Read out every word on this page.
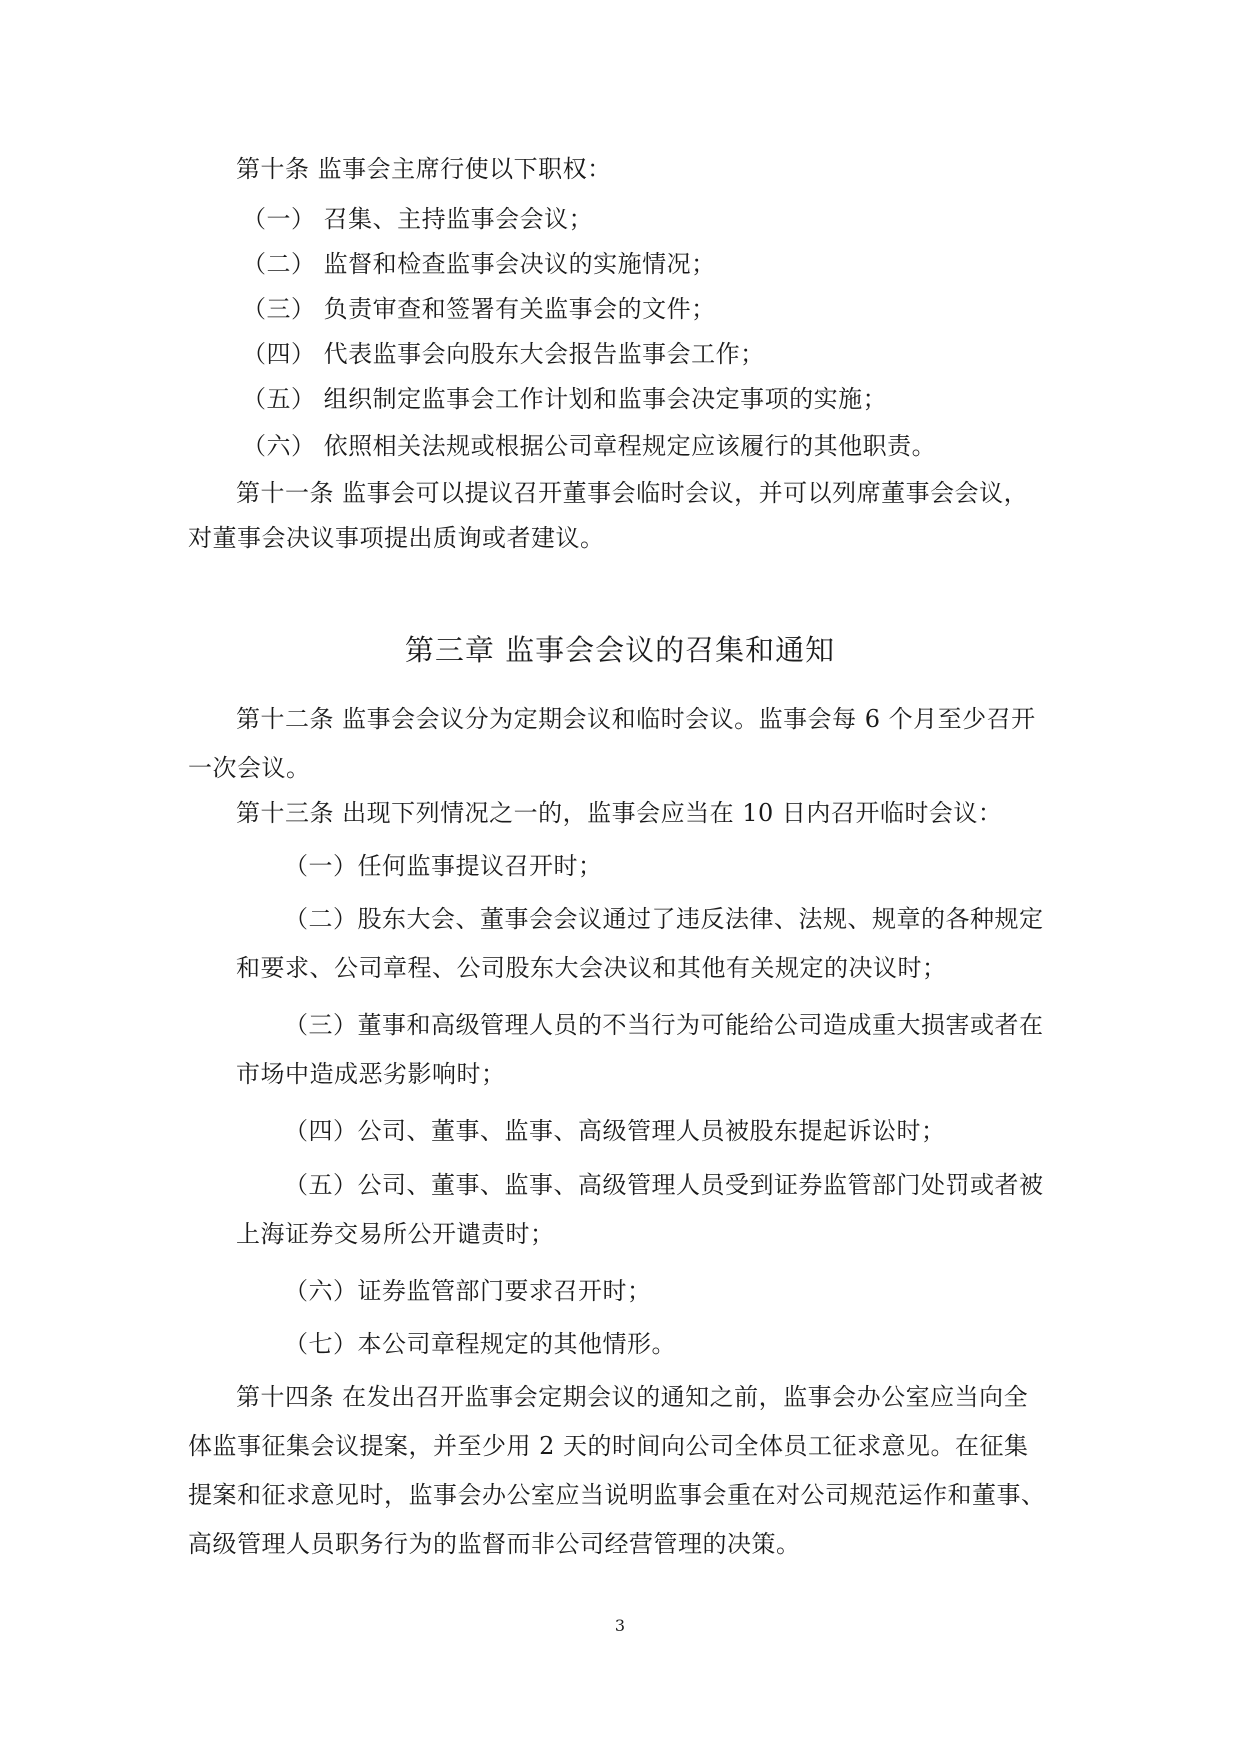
第十条 监事会主席行使以下职权：
（一） 召集、主持监事会会议；
（二） 监督和检查监事会决议的实施情况；
（三） 负责审查和签署有关监事会的文件；
（四） 代表监事会向股东大会报告监事会工作；
（五） 组织制定监事会工作计划和监事会决定事项的实施；
（六） 依照相关法规或根据公司章程规定应该履行的其他职责。
第十一条 监事会可以提议召开董事会临时会议，并可以列席董事会会议，
对董事会决议事项提出质询或者建议。
第三章 监事会会议的召集和通知
第十二条 监事会会议分为定期会议和临时会议。监事会每 6 个月至少召开
一次会议。
第十三条 出现下列情况之一的，监事会应当在 10 日内召开临时会议：
（一）任何监事提议召开时；
（二）股东大会、董事会会议通过了违反法律、法规、规章的各种规定
和要求、公司章程、公司股东大会决议和其他有关规定的决议时；
（三）董事和高级管理人员的不当行为可能给公司造成重大损害或者在
市场中造成恶劣影响时；
（四）公司、董事、监事、高级管理人员被股东提起诉讼时；
（五）公司、董事、监事、高级管理人员受到证券监管部门处罚或者被
上海证券交易所公开谴责时；
（六）证券监管部门要求召开时；
（七）本公司章程规定的其他情形。
第十四条 在发出召开监事会定期会议的通知之前，监事会办公室应当向全
体监事征集会议提案，并至少用 2 天的时间向公司全体员工征求意见。在征集
提案和征求意见时，监事会办公室应当说明监事会重在对公司规范运作和董事、
高级管理人员职务行为的监督而非公司经营管理的决策。
3
